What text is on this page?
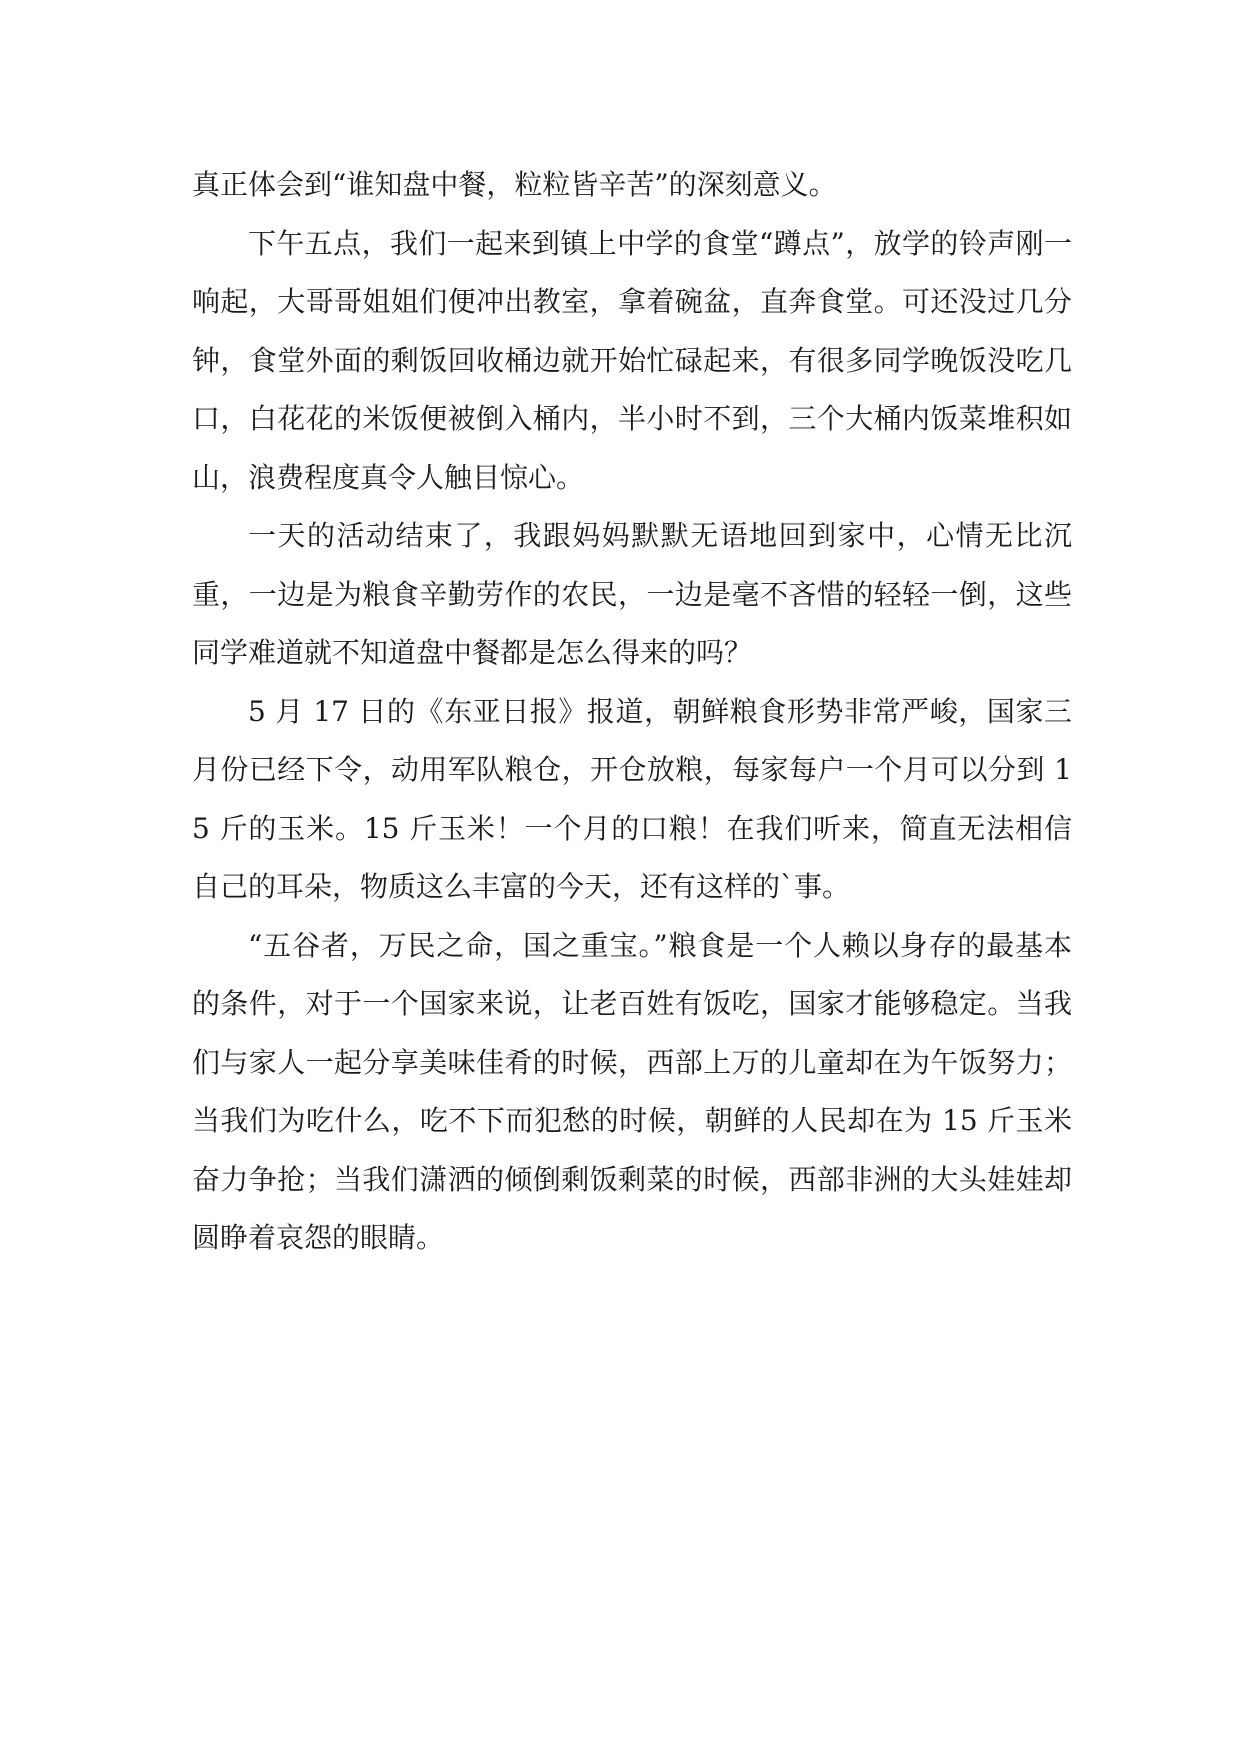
真正体会到“谁知盘中餐，粒粒皆辛苦”的深刻意义。

下午五点，我们一起来到镇上中学的食堂“蹲点”，放学的铃声刚一响起，大哥哥姐姐们便冲出教室，拿着碗盆，直奔食堂。可还没过几分钟，食堂外面的剩饭回收桶边就开始忙碌起来，有很多同学晚饭没吃几口，白花花的米饭便被倒入桶内，半小时不到，三个大桶内饭菜堆积如山，浪费程度真令人触目惊心。

一天的活动结束了，我跟妈妈默默无语地回到家中，心情无比沉重，一边是为粮食辛勤劳作的农民，一边是毫不吝惜的轻轻一倒，这些同学难道就不知道盘中餐都是怎么得来的吗？

5 月 17 日的《东亚日报》报道，朝鲜粮食形势非常严峻，国家三月份已经下令，动用军队粮仓，开仓放粮，每家每户一个月可以分到 15 斤的玉米。15 斤玉米！一个月的口粮！在我们听来，简直无法相信自己的耳朵，物质这么丰富的今天，还有这样的`事。

“五谷者，万民之命，国之重宝。”粮食是一个人赖以身存的最基本的条件，对于一个国家来说，让老百姓有饭吃，国家才能够稳定。当我们与家人一起分享美味佳肴的时候，西部上万的儿童却在为午饭努力；当我们为吃什么，吃不下而犯愁的时候，朝鲜的人民却在为 15 斤玉米奋力争抢；当我们潇洒的倾倒剩饭剩菜的时候，西部非洲的大头娃娃却圆睁着哀怨的眼睛。
